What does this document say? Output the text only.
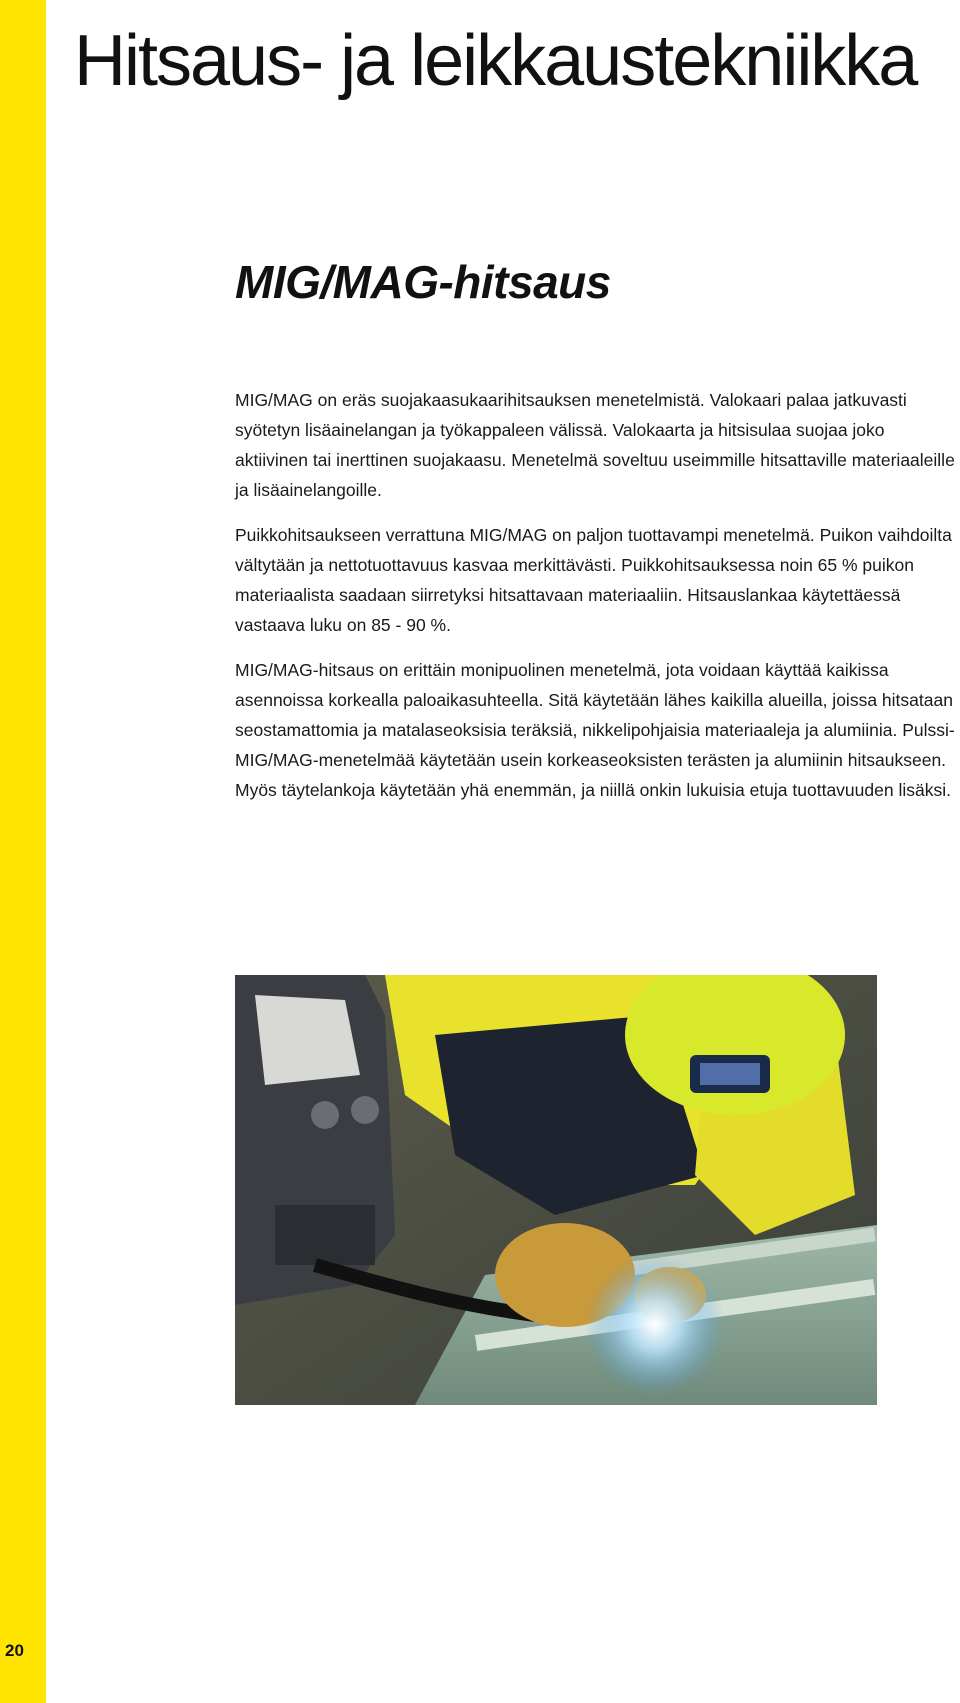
20
Hitsaus- ja leikkaustekniikka
MIG/MAG-hitsaus

MIG/MAG on eräs suojakaasukaarihitsauksen menetelmistä. Valokaari palaa jatkuvasti syötetyn lisäainelangan ja työkappaleen välissä. Valokaarta ja hitsisulaa suojaa joko aktiivinen tai inerttinen suojakaasu. Menetelmä soveltuu useimmille hitsattaville materiaaleille ja lisäainelangoille.

Puikkohitsaukseen verrattuna MIG/MAG on paljon tuottavampi menetelmä. Puikon vaihdoilta vältytään ja nettotuottavuus kasvaa merkittävästi. Puikkohitsauksessa noin 65 % puikon materiaalista saadaan siirretyksi hitsattavaan materiaaliin. Hitsauslankaa käytettäessä vastaava luku on 85 - 90 %.

MIG/MAG-hitsaus on erittäin monipuolinen menetelmä, jota voidaan käyttää kaikissa asennoissa korkealla paloaikasuhteella. Sitä käytetään lähes kaikilla alueilla, joissa hitsataan seostamattomia ja matalaseoksisia teräksiä, nikkelipohjaisia materiaaleja ja alumiinia. Pulssi-MIG/MAG-menetelmää käytetään usein korkeaseoksisten terästen ja alumiinin hitsaukseen. Myös täytelankoja käytetään yhä enemmän, ja niillä onkin lukuisia etuja tuottavuuden lisäksi.
